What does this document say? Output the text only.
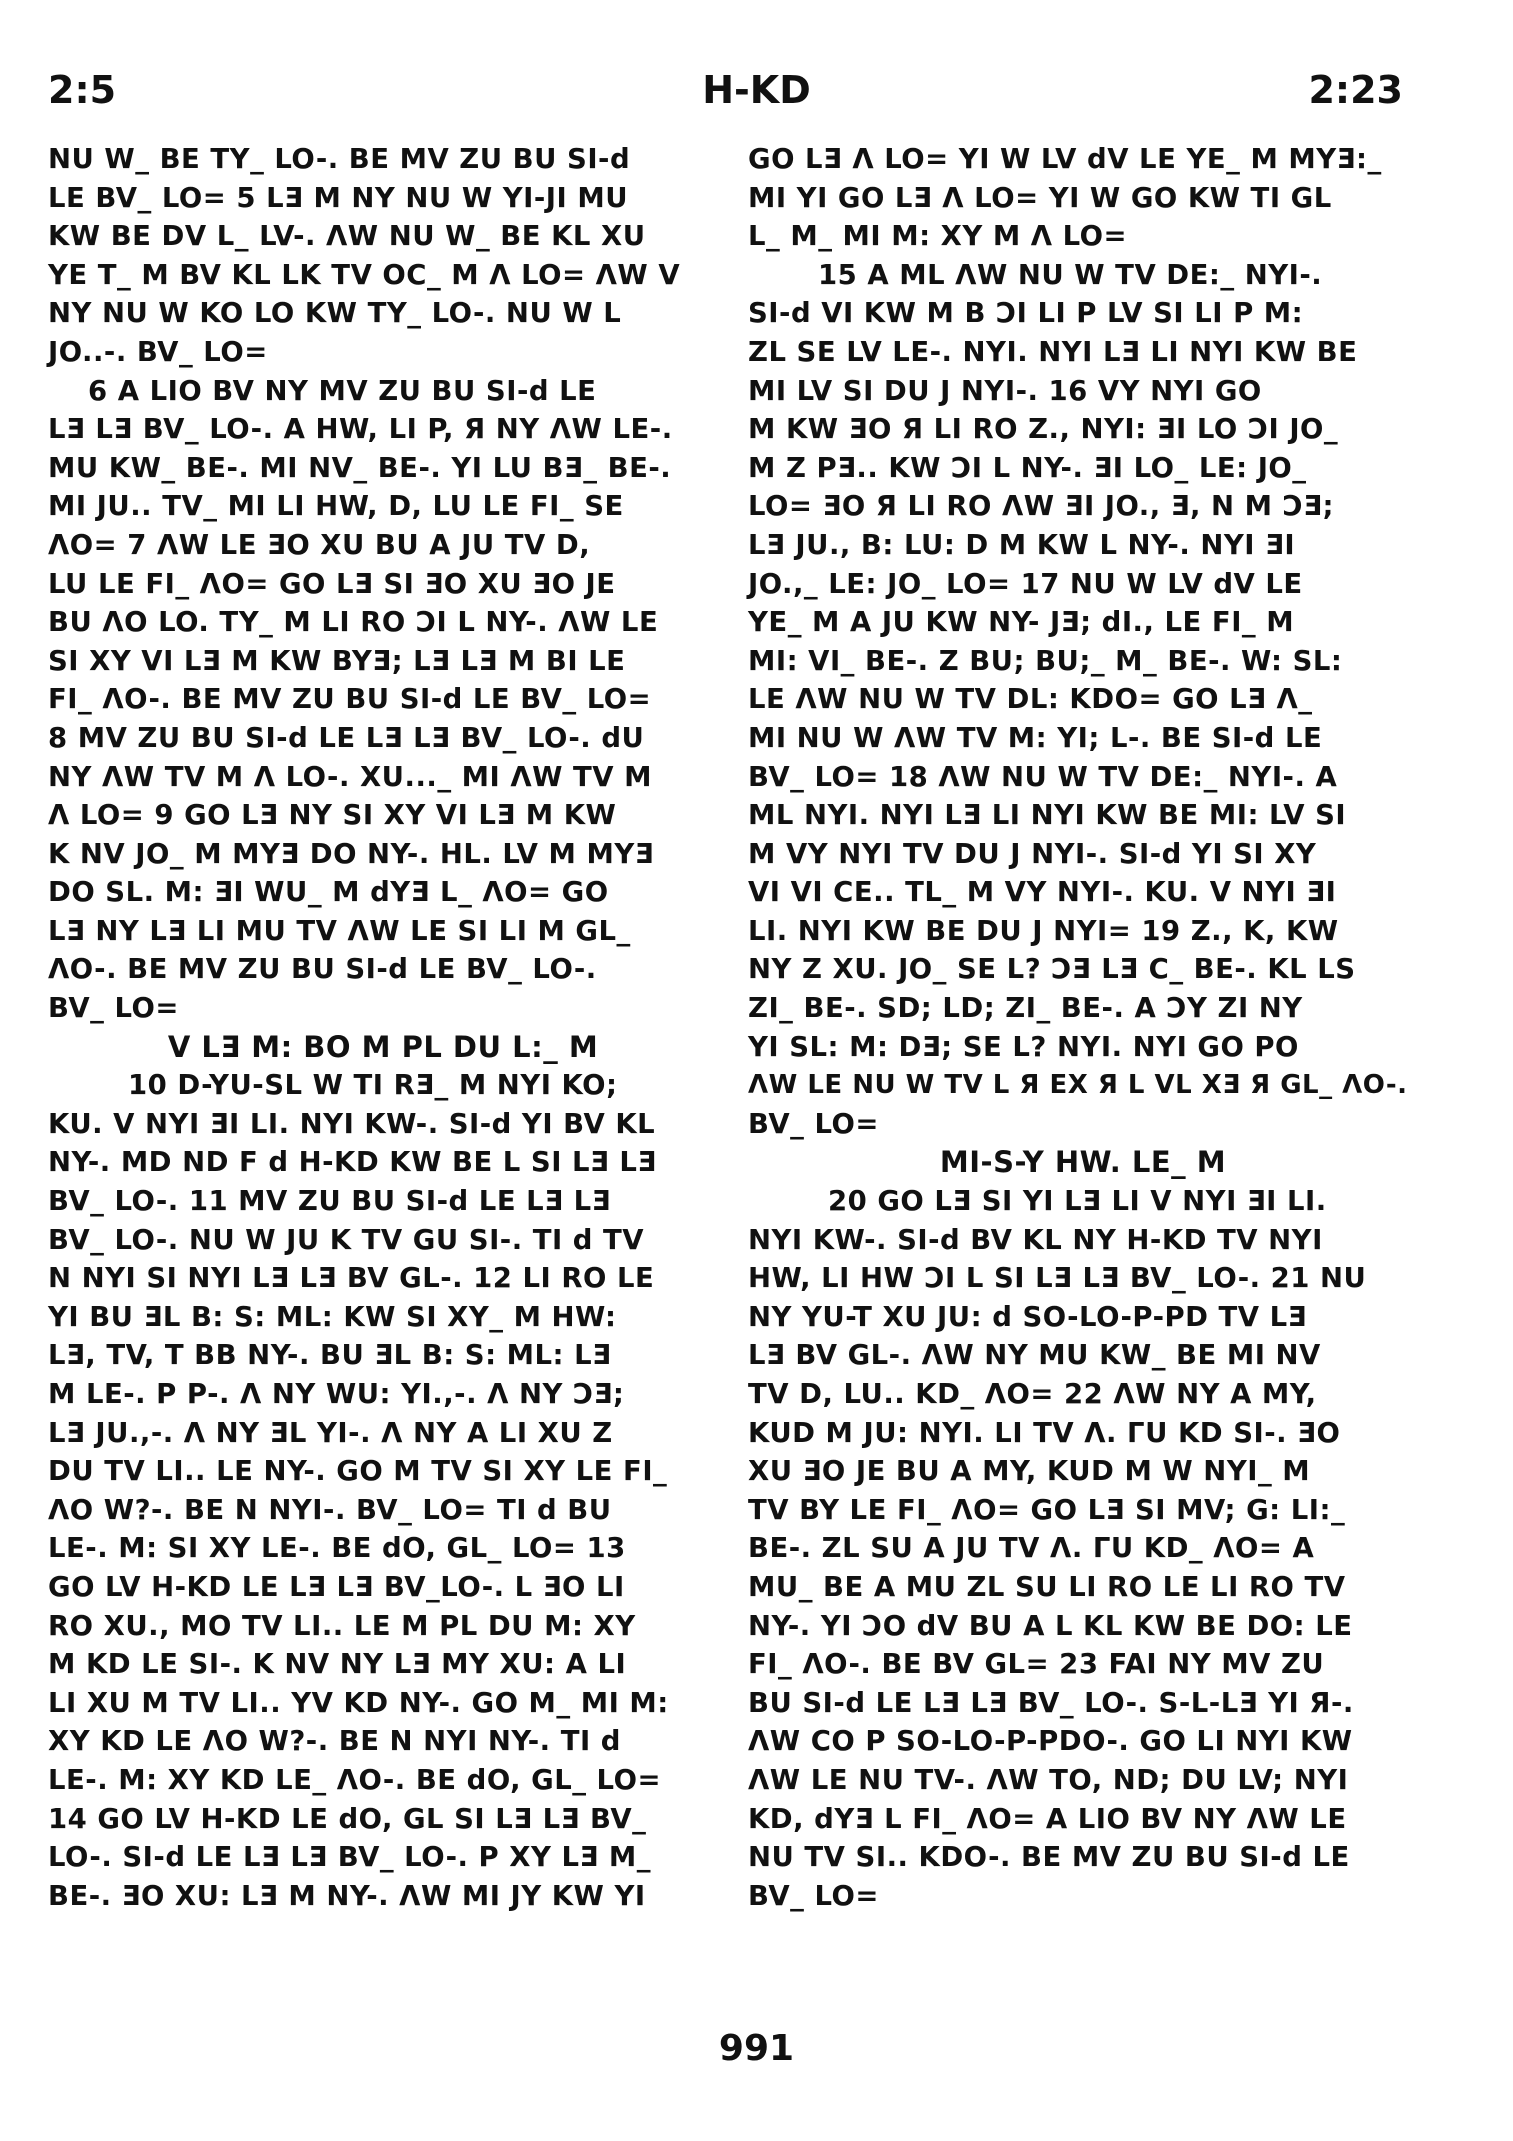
2:5	H-KD	2:23
NU W_ BE TY_ LO-. BE MV ZU BU SI-d
LE BV_ LO= 5 LƎ M NY NU W YI-JI MU
KW BE DV L_ LV-. ΛW NU W_ BE KL XU
YE T_ M BV KL LK ΤV ΟC_ M Λ LO= ΛW V
NY NU W KO LO KW TY_ LO-. NU W L
JO..-. BV_ LO=
6 A LIO BV NY MV ZU BU SI-d LE
LƎ LƎ BV_ LO-. A HW, LI P, Я NY ΛW LE-.
MU KW_ BE-. MI NV_ BE-. YI LU BƎ_ BE-.
MI JU.. TV_ MI LI HW, D, LU LE FI_ SE
ΛO= 7 ΛW LE ƎO XU BU A JU TV D,
LU LE FI_ ΛO= GO LƎ SI ƎO XU ƎO JE
BU ΛO LO. TY_ M LI RO ƆI L NY-. ΛW LE
SI XY VI LƎ M KW BYƎ; LƎ LƎ M BI LE
FI_ ΛO-. BE MV ZU BU SI-d LE BV_ LO=
8 MV ZU BU SI-d LE LƎ LƎ BV_ LO-. dU
NY ΛW TV M Λ LO-. XU..._ MI ΛW TV M
Λ LO= 9 GO LƎ NY SI XY VI LƎ M KW
K NV JO_ M MYƎ DO NY-. HL. LV M MYƎ
DO SL. M: ƎI WU_ M dYƎ L_ ΛO= GO
LƎ NY LƎ LI MU TV ΛW LE SI LI M GL_
ΛO-. BE MV ZU BU SI-d LE BV_ LO-.
BV_ LO=
V LƎ M: BO M PL DU L:_ M
10 D-YU-SL W TI RƎ_ M NYI KO;
KU. V NYI ƎI LI. NYI KW-. SI-d YI BV KL
NY-. MD ND F d H-KD KW BE L SI LƎ LƎ
BV_ LO-. 11 MV ZU BU SI-d LE LƎ LƎ
BV_ LO-. NU W JU K TV GU SI-. TI d TV
N NYI SI NYI LƎ LƎ BV GL-. 12 LI RO LE
YI BU ƎL B: S: ML: KW SI XY_ M HW:
LƎ, TV, T BB NY-. BU ƎL B: S: ML: LƎ
M LE-. P P-. Λ NY WU: YI.,-. Λ NY ƆƎ;
LƎ JU.,-. Λ NY ƎL YI-. Λ NY A LI XU Z
DU TV LI.. LE NY-. GO M TV SI XY LE FI_
ΛO W?-. BE N NYI-. BV_ LO= TI d BU
LE-. M: SI XY LE-. BE dO, GL_ LO= 13
GO LV H-KD LE LƎ LƎ BV_LO-. L ƎO LI
RO XU., MO TV LI.. LE M PL DU M: XY
M KD LE SI-. K NV NY LƎ MY XU: A LI
LI XU M TV LI.. YV KD NY-. GO M_ MI M:
XY KD LE ΛO W?-. BE N NYI NY-. TI d
LE-. M: XY KD LE_ ΛO-. BE dO, GL_ LO=
14 GO LV H-KD LE dO, GL SI LƎ LƎ BV_
LO-. SI-d LE LƎ LƎ BV_ LO-. P XY LƎ M_
BE-. ƎO XU: LƎ M NY-. ΛW MI JY KW YI
GO LƎ Λ LO= YI W LV dV LE YE_ M MYƎ:_
MI YI GO LƎ Λ LO= YI W GO KW TI GL
L_ M_ MI M: XY M Λ LO=
15 A ML ΛW NU W TV DE:_ NYI-.
SI-d VI KW M B ƆI LI P LV SI LI P M:
ZL SE LV LE-. NYI. NYI LƎ LI NYI KW BE
MI LV SI DU J NYI-. 16 VY NYI GO
M KW ƎO Я LI RO Z., NYI: ƎI LO ƆI JO_
M Z PƎ.. KW ƆI L NY-. ƎI LO_ LE: JO_
LO= ƎO Я LI RO ΛW ƎI JO., Ǝ, N M ƆƎ;
LƎ JU., B: LU: D M KW L NY-. NYI ƎI
JO.,_ LE: JO_ LO= 17 NU W LV dV LE
YE_ M A JU KW NY- JƎ; dI., LE FI_ M
MI: VI_ BE-. Z BU; BU;_ M_ BE-. W: SL:
LE ΛW NU W TV DL: KDO= GO LƎ Λ_
MI NU W ΛW TV M: YI; L-. BE SI-d LE
BV_ LO= 18 ΛW NU W TV DE:_ NYI-. A
ML NYI. NYI LƎ LI NYI KW BE MI: LV SI
M VY NYI TV DU J NYI-. SI-d YI SI XY
VI VI CE.. TL_ M VY NYI-. KU. V NYI ƎI
LI. NYI KW BE DU J NYI= 19 Z., K, KW
NY Z XU. JO_ SE L? ƆƎ LƎ C_ BE-. KL LS
ZI_ BE-. SD; LD; ZI_ BE-. A ƆY ZI NY
YI SL: M: DƎ; SE L? NYI. NYI GO PO
ΛW LE NU W TV L Я EX Я L VL XƎ Я GL_ ΛO-.
BV_ LO=
MI-S-Y HW. LE_ M
20 GO LƎ SI YI LƎ LI V NYI ƎI LI.
NYI KW-. SI-d BV KL NY H-KD TV NYI
HW, LI HW ƆI L SI LƎ LƎ BV_ LO-. 21 NU
NY YU-T XU JU: d SO-LO-P-PD TV LƎ
LƎ BV GL-. ΛW NY MU KW_ BE MI NV
TV D, LU.. KD_ ΛO= 22 ΛW NY A MY,
KUD M JU: NYI. LI TV Λ. ΓU KD SI-. ƎO
XU ƎO JE BU A MY, KUD M W NYI_ M
TV BY LE FI_ ΛO= GO LƎ SI MV; G: LI:_
BE-. ZL SU A JU TV Λ. ΓU KD_ ΛO= A
MU_ BE A MU ZL SU LI RO LE LI RO TV
NY-. YI ƆO dV BU A L KL KW BE DO: LE
FI_ ΛO-. BE BV GL= 23 FAI NY MV ZU
BU SI-d LE LƎ LƎ BV_ LO-. S-L-LƎ YI Я-.
ΛW CO P SO-LO-P-PDO-. GO LI NYI KW
ΛW LE NU TV-. ΛW TO, ND; DU LV; NYI
KD, dYƎ L FI_ ΛO= A LIO BV NY ΛW LE
NU TV SI.. KDO-. BE MV ZU BU SI-d LE
BV_ LO=
991
